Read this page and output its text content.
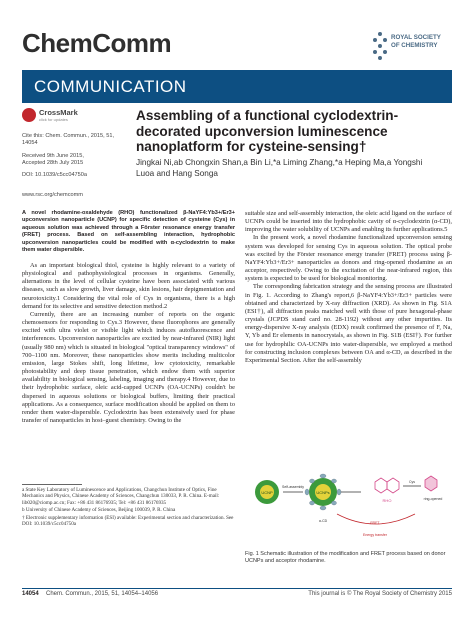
ChemComm	ROYAL SOCIETY
OF CHEMISTRY
COMMUNICATION
CrossMark
click for updates
Cite this: Chem. Commun., 2015, 51, 14054
Received 9th June 2015,
Accepted 28th July 2015
DOI: 10.1039/c5cc04750a
www.rsc.org/chemcomm
Assembling of a functional cyclodextrin-decorated upconversion luminescence nanoplatform for cysteine-sensing†
Jingkai Ni,ab Chongxin Shan,a Bin Li,*a Liming Zhang,*a Heping Ma,a Yongshi Luoa and Hang Songa
A novel rhodamine-oxaldehyde (RHO) functionalized β-NaYF4:Yb3+/Er3+ upconversion nanoparticle (UCNP) for specific detection of cysteine (Cys) in aqueous solution was achieved through a Förster resonance energy transfer (FRET) process. Based on self-assembling interaction, hydrophobic upconversion nanoparticles could be modified with α-cyclodextrin to make them water dispersible.

As an important biological thiol, cysteine is highly relevant to a variety of physiological and pathophysiological processes in organisms. Generally, alternations in the level of cellular cysteine have been associated with various diseases, such as slow growth, liver damage, skin lesions, hair depigmentation and neurotoxicity.1 Considering the vital role of Cys in organisms, there is a high demand for its selective and sensitive detection method.2

Currently, there are an increasing number of reports on the organic chemosensors for responding to Cys.3 However, these fluorophores are generally excited with ultra violet or visible light which induces autofluorescence and interferences. Upconversion nanoparticles are excited by near-infrared (NIR) light (usually 980 nm) which is situated in biological "optical transparency windows" of 700–1100 nm. Moreover, these nanoparticles show merits including multicolor emission, large Stokes shift, long lifetime, low cytotoxicity, remarkable photostability and deep tissue penetration, which endow them with superior availability in biological sensing, labeling, imaging and therapy.4 However, due to their hydrophobic surface, oleic acid-capped UCNPs (OA-UCNPs) couldn't be dispersed in aqueous solutions or biological buffers, limiting their practical applications. As a consequence, surface modification should be applied on them to render them water-dispersible. Cyclodextrin has been extensively used for phase transfer of nanoparticles in host–guest chemistry. Owing to the

suitable size and self-assembly interaction, the oleic acid ligand on the surface of UCNPs could be inserted into the hydrophobic cavity of α-cyclodextrin (α-CD), improving the water solubility of UCNPs and enabling its further applications.5

In the present work, a novel rhodamine functionalized upconversion sensing system was developed for sensing Cys in aqueous solution. The optical probe was excited by the Förster resonance energy transfer (FRET) process using β-NaYF4:Yb3+/Er3+ nanoparticles as donors and ring-opened rhodamine as an acceptor, respectively. Owing to the excitation of the near-infrared region, this system is expected to be used for biological monitoring.

The corresponding fabrication strategy and the sensing process are illustrated in Fig. 1. According to Zhang's report,6 β-NaYF4:Yb3+/Er3+ particles were obtained and characterized by X-ray diffraction (XRD). As shown in Fig. S1A (ESI†), all diffraction peaks matched well with those of pure hexagonal-phase crystals (JCPDS stand card no. 28-1192) without any other impurities. Its energy-dispersive X-ray analysis (EDX) result confirmed the presence of F, Na, Y, Yb and Er elements in nanocrystals, as shown in Fig. S1B (ESI†). For further use for hydrophilic OA-UCNPs into water-dispersible, we employed a method for constructing inclusion complexes between OA and α-CD, as described in the Experimental Section. After the self-assembly

a State Key Laboratory of Luminescence and Applications, Changchun Institute of Optics, Fine Mechanics and Physics, Chinese Academy of Sciences, Changchun 130033, P. R. China. E-mail: lib020@ciomp.ac.cn; Fax: +86 431 86176935; Tel: +86 431 86176935

b University of Chinese Academy of Sciences, Beijing 100039, P. R. China

† Electronic supplementary information (ESI) available: Experimental section and characterization. See DOI: 10.1039/c5cc04750a

UCNP
Self-assembly
UCNPs
α-CD
RHO
Cys
ring-opened
Energy transfer
FRET
Fig. 1 Schematic illustration of the modification and FRET process based on donor UCNPs and acceptor rhodamine.
14054 Chem. Commun., 2015, 51, 14054–14056	This journal is © The Royal Society of Chemistry 2015
